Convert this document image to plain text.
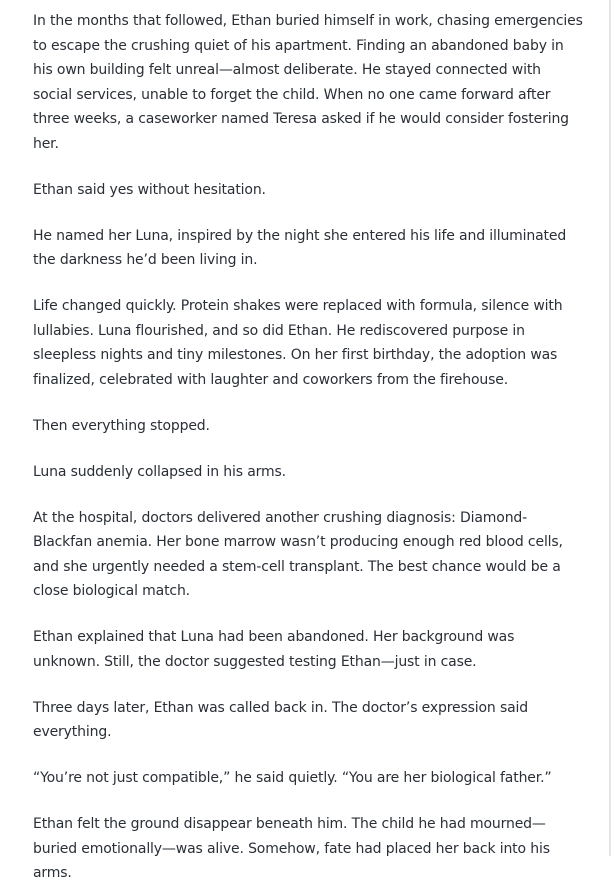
In the months that followed, Ethan buried himself in work, chasing emergencies to escape the crushing quiet of his apartment. Finding an abandoned baby in his own building felt unreal—almost deliberate. He stayed connected with social services, unable to forget the child. When no one came forward after three weeks, a caseworker named Teresa asked if he would consider fostering her.

Ethan said yes without hesitation.

He named her Luna, inspired by the night she entered his life and illuminated the darkness he’d been living in.

Life changed quickly. Protein shakes were replaced with formula, silence with lullabies. Luna flourished, and so did Ethan. He rediscovered purpose in sleepless nights and tiny milestones. On her first birthday, the adoption was finalized, celebrated with laughter and coworkers from the firehouse.

Then everything stopped.

Luna suddenly collapsed in his arms.

At the hospital, doctors delivered another crushing diagnosis: Diamond-Blackfan anemia. Her bone marrow wasn’t producing enough red blood cells, and she urgently needed a stem-cell transplant. The best chance would be a close biological match.

Ethan explained that Luna had been abandoned. Her background was unknown. Still, the doctor suggested testing Ethan—just in case.

Three days later, Ethan was called back in. The doctor’s expression said everything.

“You’re not just compatible,” he said quietly. “You are her biological father.”

Ethan felt the ground disappear beneath him. The child he had mourned—buried emotionally—was alive. Somehow, fate had placed her back into his arms.
